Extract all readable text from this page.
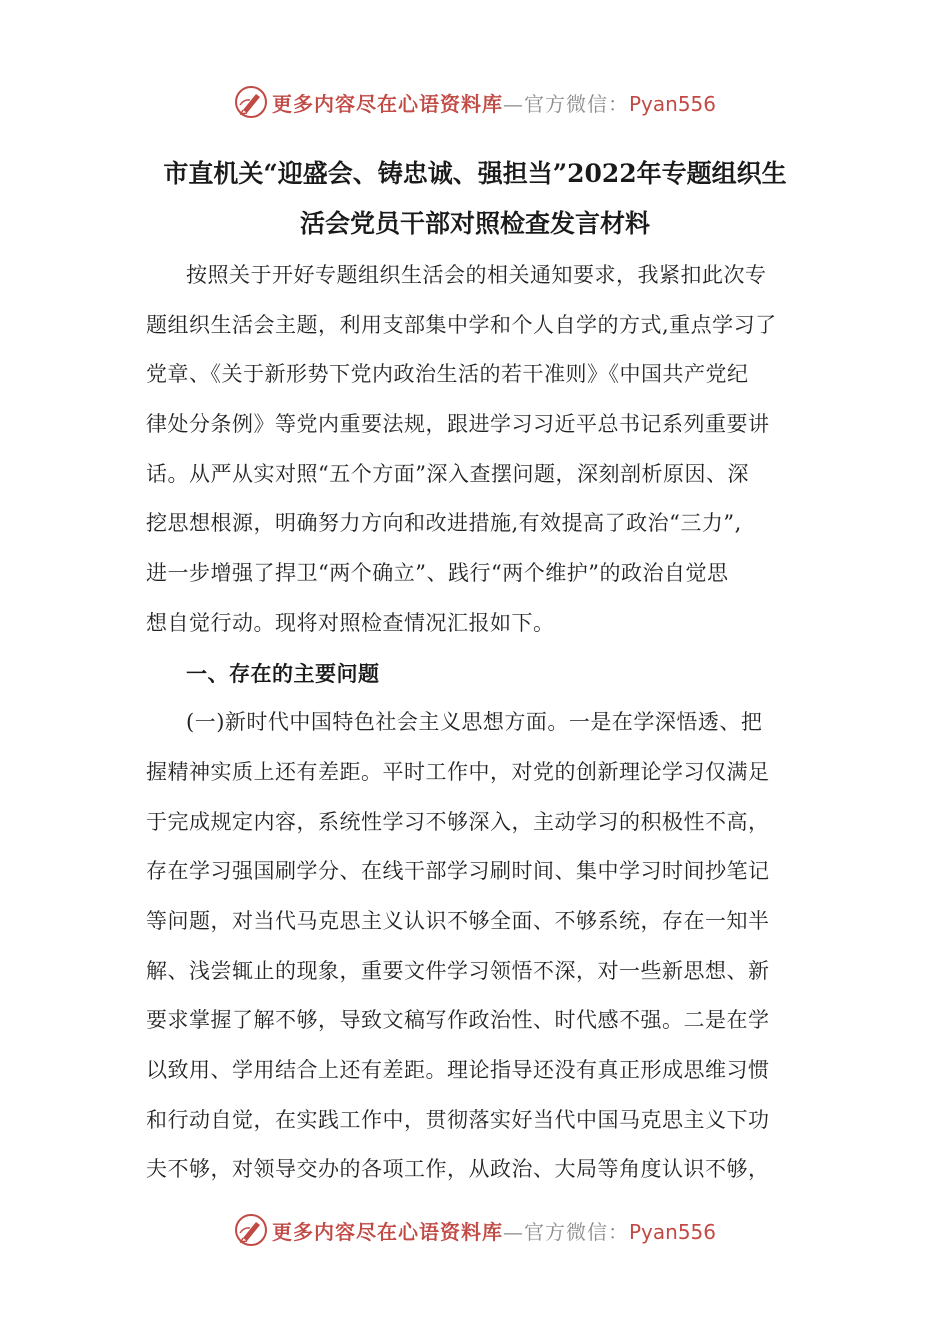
更多内容尽在心语资料库—官方微信：Pyan556
市直机关“迎盛会、铸忠诚、强担当”2022年专题组织生
活会党员干部对照检查发言材料
按照关于开好专题组织生活会的相关通知要求，我紧扣此次专
题组织生活会主题，利用支部集中学和个人自学的方式,重点学习了
党章、《关于新形势下党内政治生活的若干准则》《中国共产党纪
律处分条例》等党内重要法规，跟进学习习近平总书记系列重要讲
话。从严从实对照“五个方面”深入查摆问题，深刻剖析原因、深
挖思想根源，明确努力方向和改进措施,有效提高了政治“三力”,
进一步增强了捍卫“两个确立”、践行“两个维护”的政治自觉思
想自觉行动。现将对照检查情况汇报如下。
一、存在的主要问题
(一)新时代中国特色社会主义思想方面。一是在学深悟透、把
握精神实质上还有差距。平时工作中，对党的创新理论学习仅满足
于完成规定内容，系统性学习不够深入，主动学习的积极性不高，
存在学习强国刷学分、在线干部学习刷时间、集中学习时间抄笔记
等问题，对当代马克思主义认识不够全面、不够系统，存在一知半
解、浅尝辄止的现象，重要文件学习领悟不深，对一些新思想、新
要求掌握了解不够，导致文稿写作政治性、时代感不强。二是在学
以致用、学用结合上还有差距。理论指导还没有真正形成思维习惯
和行动自觉，在实践工作中，贯彻落实好当代中国马克思主义下功
夫不够，对领导交办的各项工作，从政治、大局等角度认识不够，
更多内容尽在心语资料库—官方微信：Pyan556
